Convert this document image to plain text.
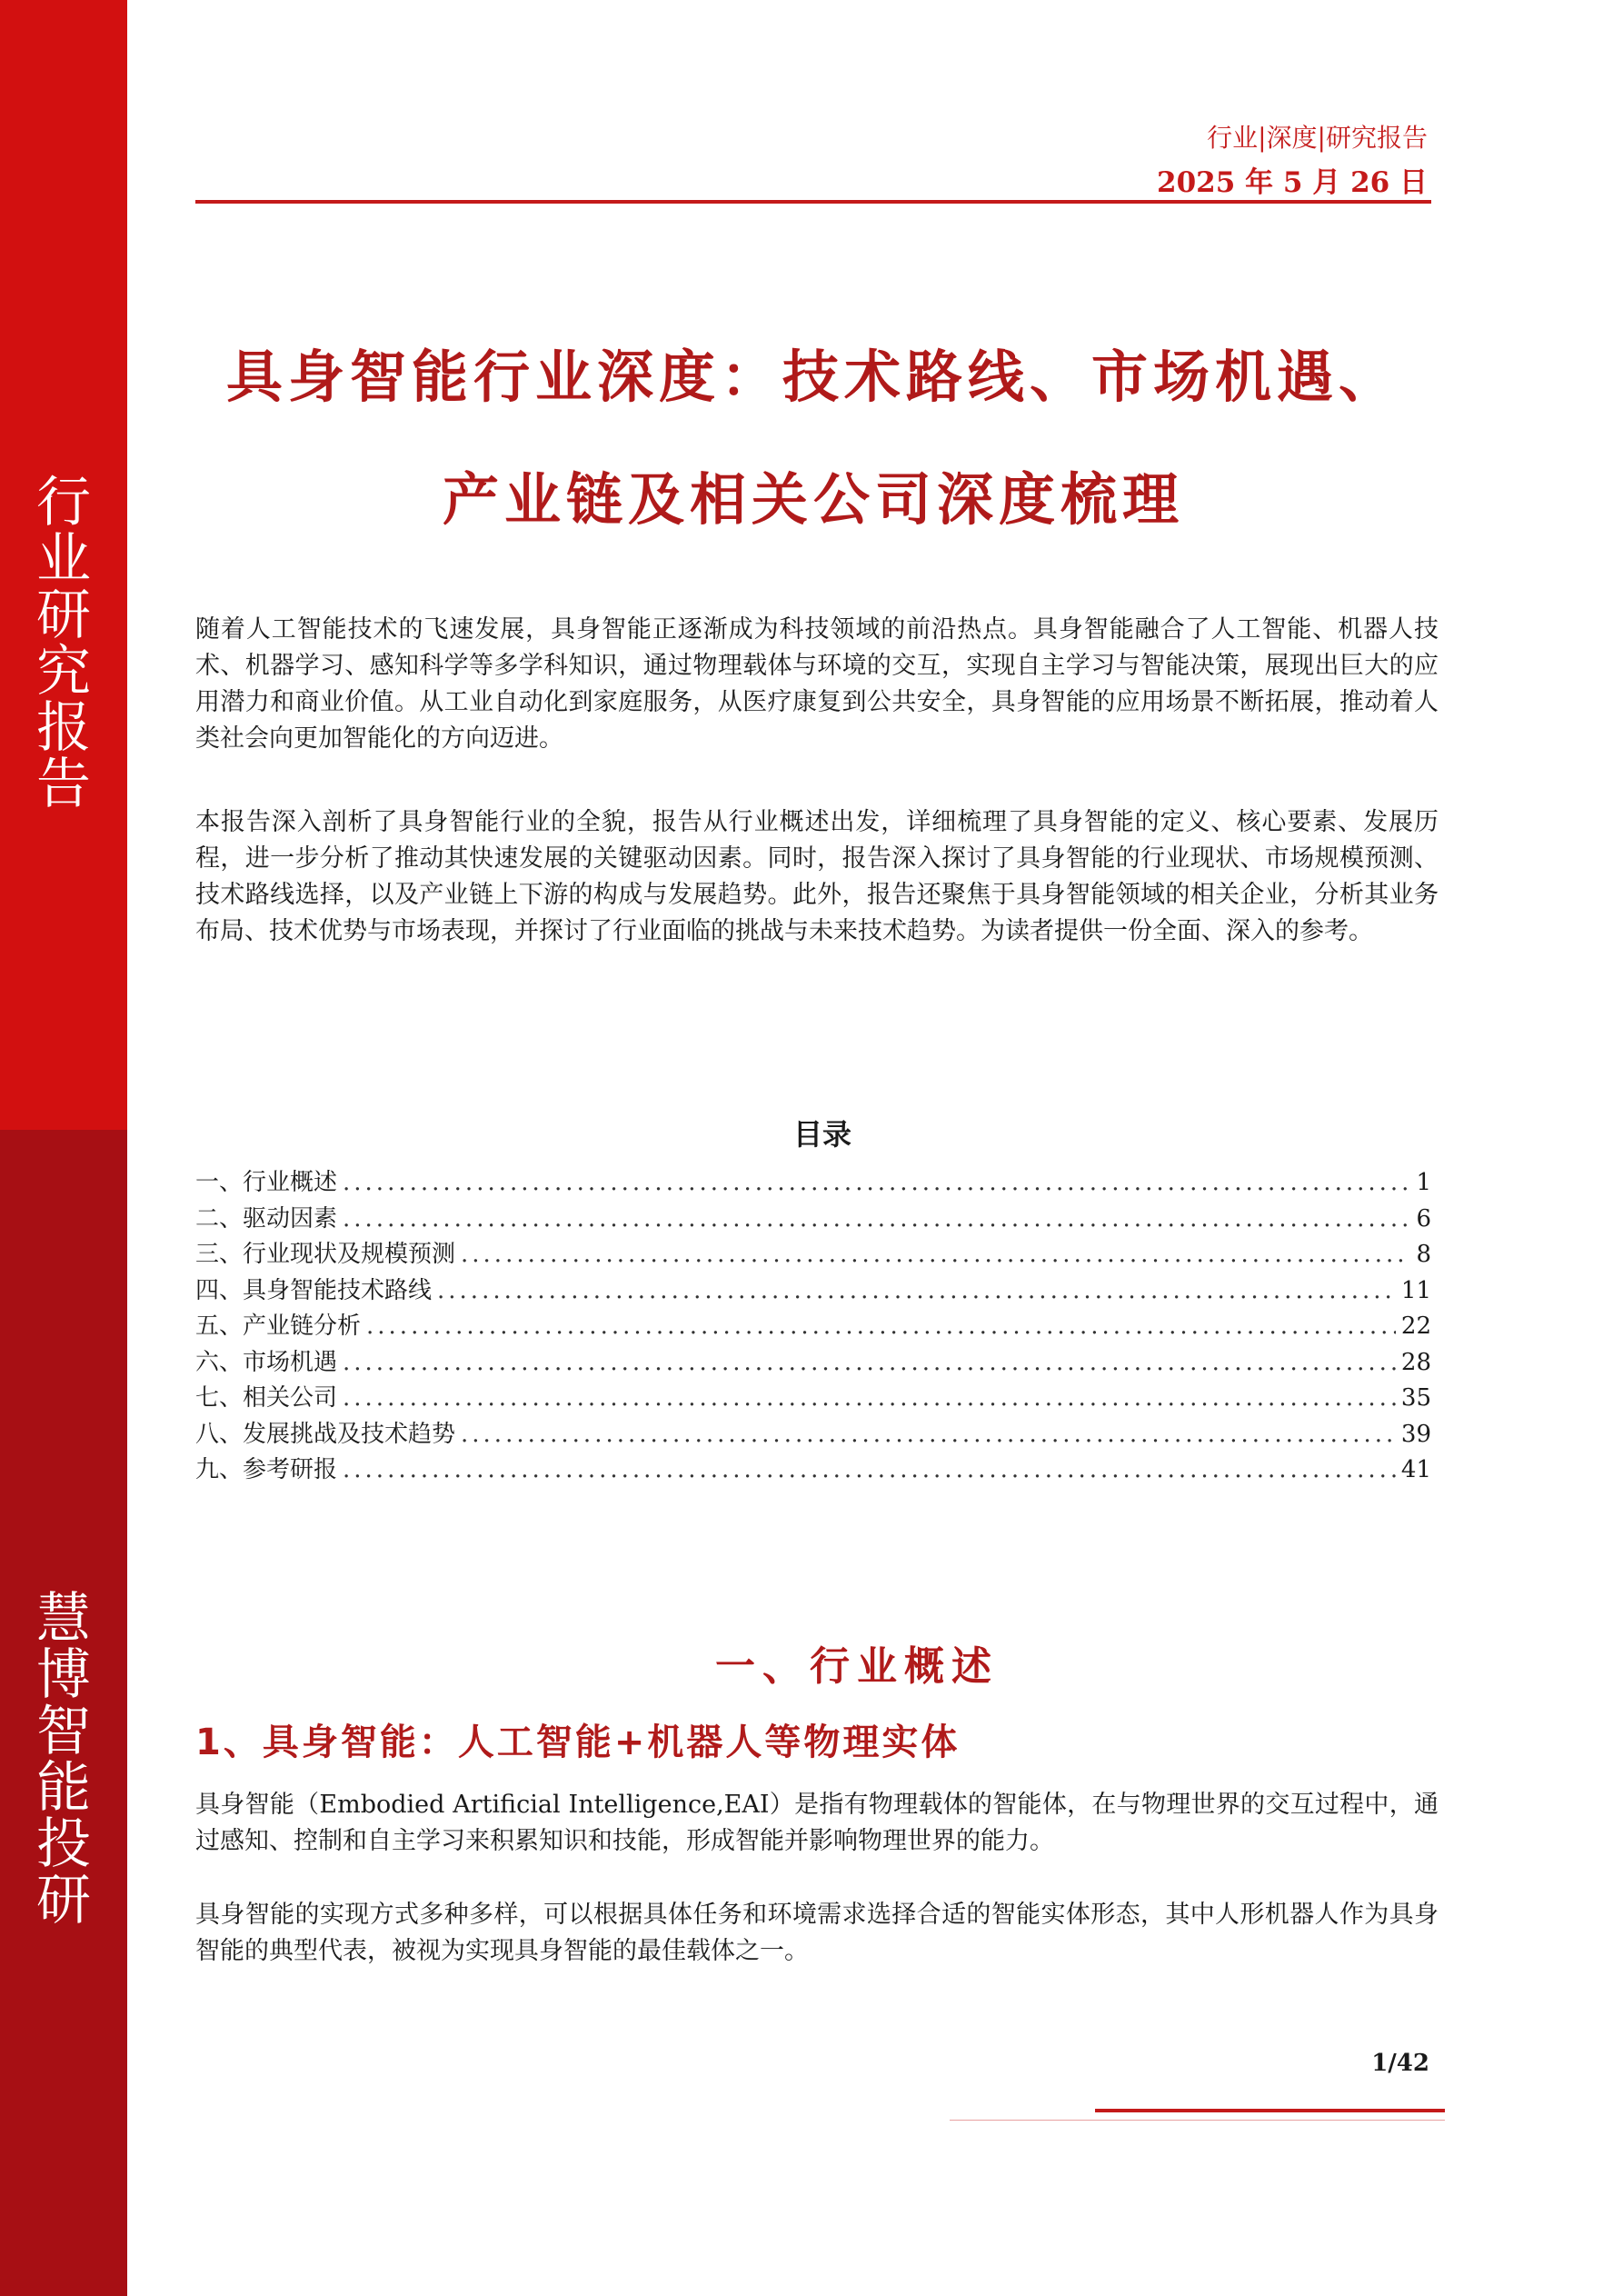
行
业
研
究
报
告
慧
博
智
能
投
研
行业|深度|研究报告
2025 年 5 月 26 日
具身智能行业深度：技术路线、市场机遇、
产业链及相关公司深度梳理
随着人工智能技术的飞速发展，具身智能正逐渐成为科技领域的前沿热点。具身智能融合了人工智能、机器人技术、机器学习、感知科学等多学科知识，通过物理载体与环境的交互，实现自主学习与智能决策，展现出巨大的应用潜力和商业价值。从工业自动化到家庭服务，从医疗康复到公共安全，具身智能的应用场景不断拓展，推动着人类社会向更加智能化的方向迈进。
本报告深入剖析了具身智能行业的全貌，报告从行业概述出发，详细梳理了具身智能的定义、核心要素、发展历程，进一步分析了推动其快速发展的关键驱动因素。同时，报告深入探讨了具身智能的行业现状、市场规模预测、技术路线选择，以及产业链上下游的构成与发展趋势。此外，报告还聚焦于具身智能领域的相关企业，分析其业务布局、技术优势与市场表现，并探讨了行业面临的挑战与未来技术趋势。为读者提供一份全面、深入的参考。
目录
一、行业概述 .....	1
二、驱动因素 .....	6
三、行业现状及规模预测 .....	8
四、具身智能技术路线 .....	11
五、产业链分析 .....	22
六、市场机遇 .....	28
七、相关公司 .....	35
八、发展挑战及技术趋势 .....	39
九、参考研报 .....	41
一、行业概述
1、具身智能：人工智能+机器人等物理实体
具身智能（Embodied Artificial Intelligence,EAI）是指有物理载体的智能体，在与物理世界的交互过程中，通过感知、控制和自主学习来积累知识和技能，形成智能并影响物理世界的能力。
具身智能的实现方式多种多样，可以根据具体任务和环境需求选择合适的智能实体形态，其中人形机器人作为具身智能的典型代表，被视为实现具身智能的最佳载体之一。
1/42
